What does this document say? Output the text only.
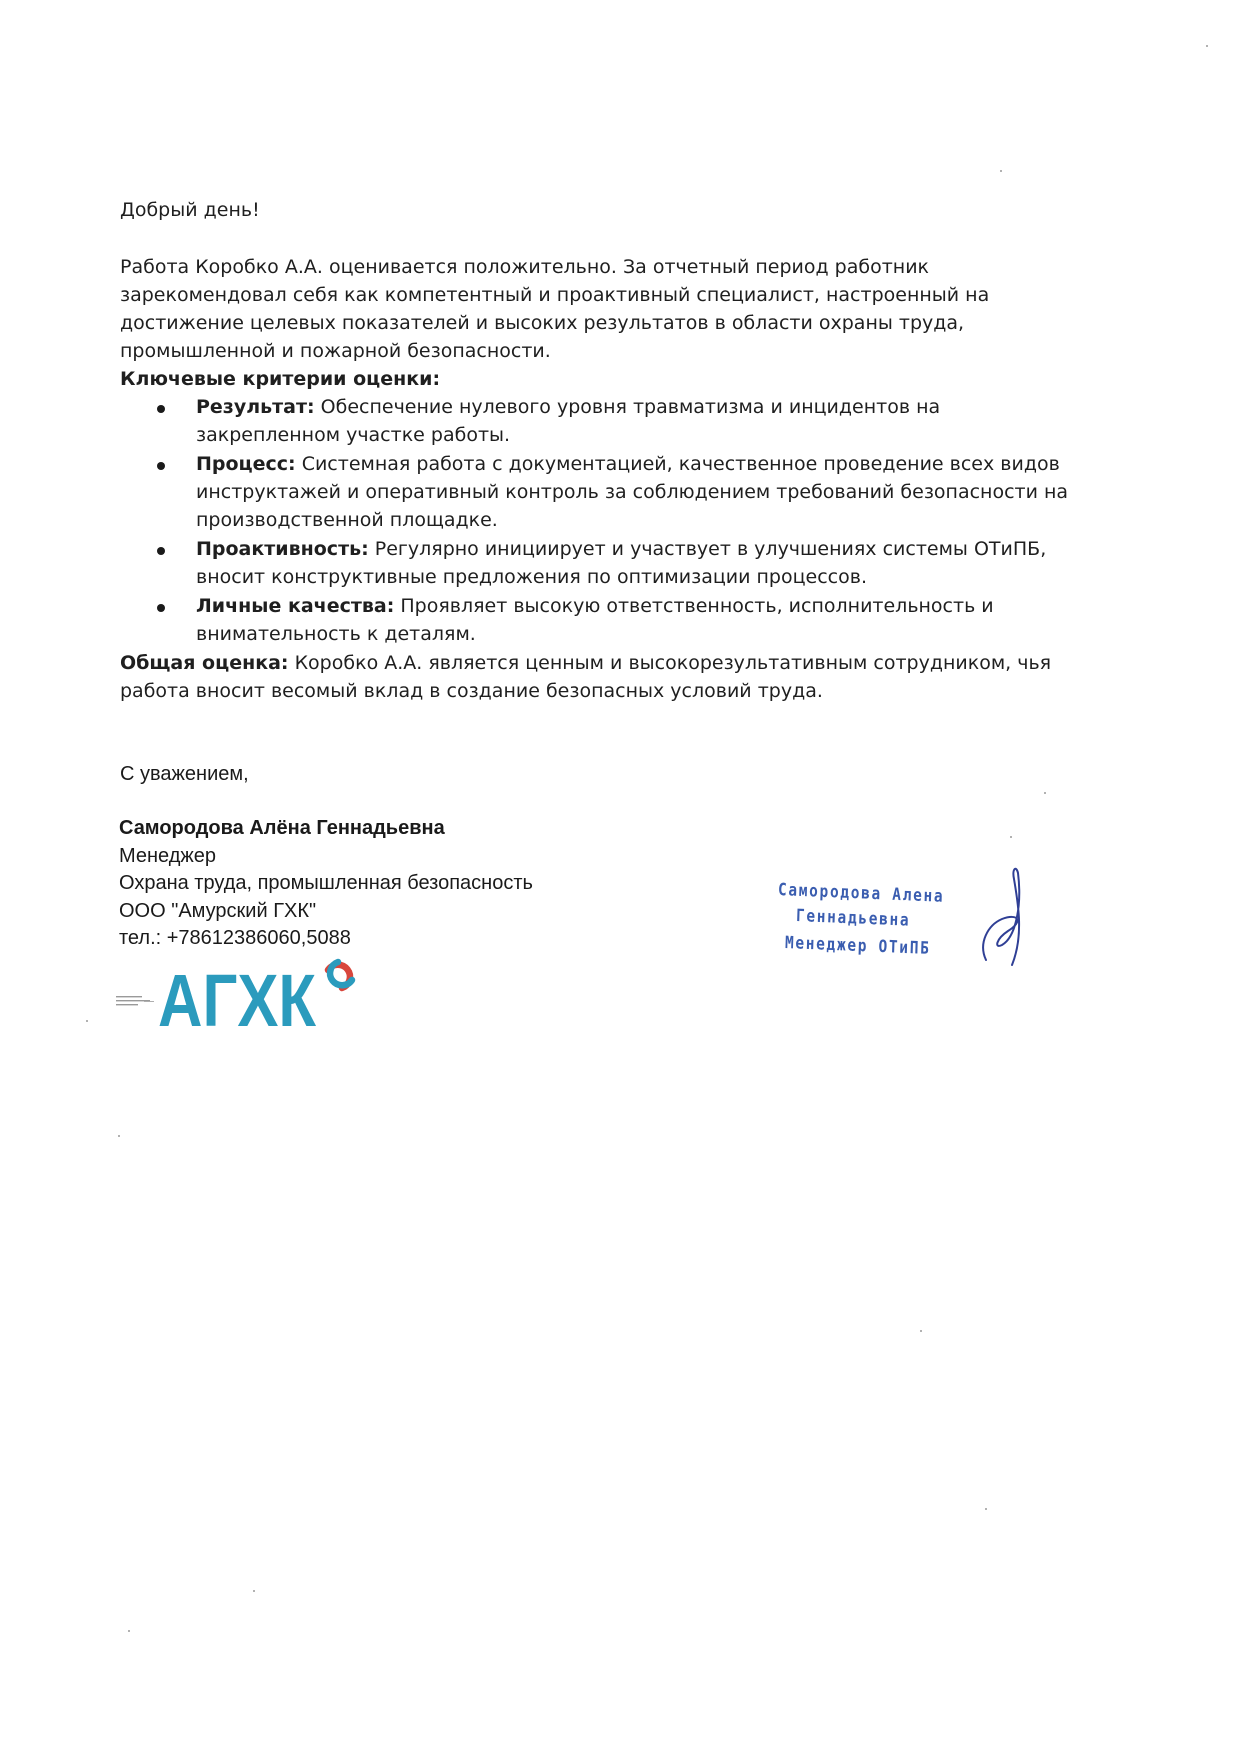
Добрый день!

Работа Коробко А.А. оценивается положительно. За отчетный период работник зарекомендовал себя как компетентный и проактивный специалист, настроенный на достижение целевых показателей и высоких результатов в области охраны труда, промышленной и пожарной безопасности.

Ключевые критерии оценки:

Результат: Обеспечение нулевого уровня травматизма и инцидентов на закрепленном участке работы.
Процесс: Системная работа с документацией, качественное проведение всех видов инструктажей и оперативный контроль за соблюдением требований безопасности на производственной площадке.
Проактивность: Регулярно инициирует и участвует в улучшениях системы ОТиПБ, вносит конструктивные предложения по оптимизации процессов.
Личные качества: Проявляет высокую ответственность, исполнительность и внимательность к деталям.

Общая оценка: Коробко А.А. является ценным и высокорезультативным сотрудником, чья работа вносит весомый вклад в создание безопасных условий труда.

С уважением,
Самородова Алёна Геннадьевна
Менеджер
Охрана труда, промышленная безопасность
ООО "Амурский ГХК"
тел.: +78612386060,5088
АГХК
Самородова Алена
Геннадьевна
Менеджер ОТиПБ
